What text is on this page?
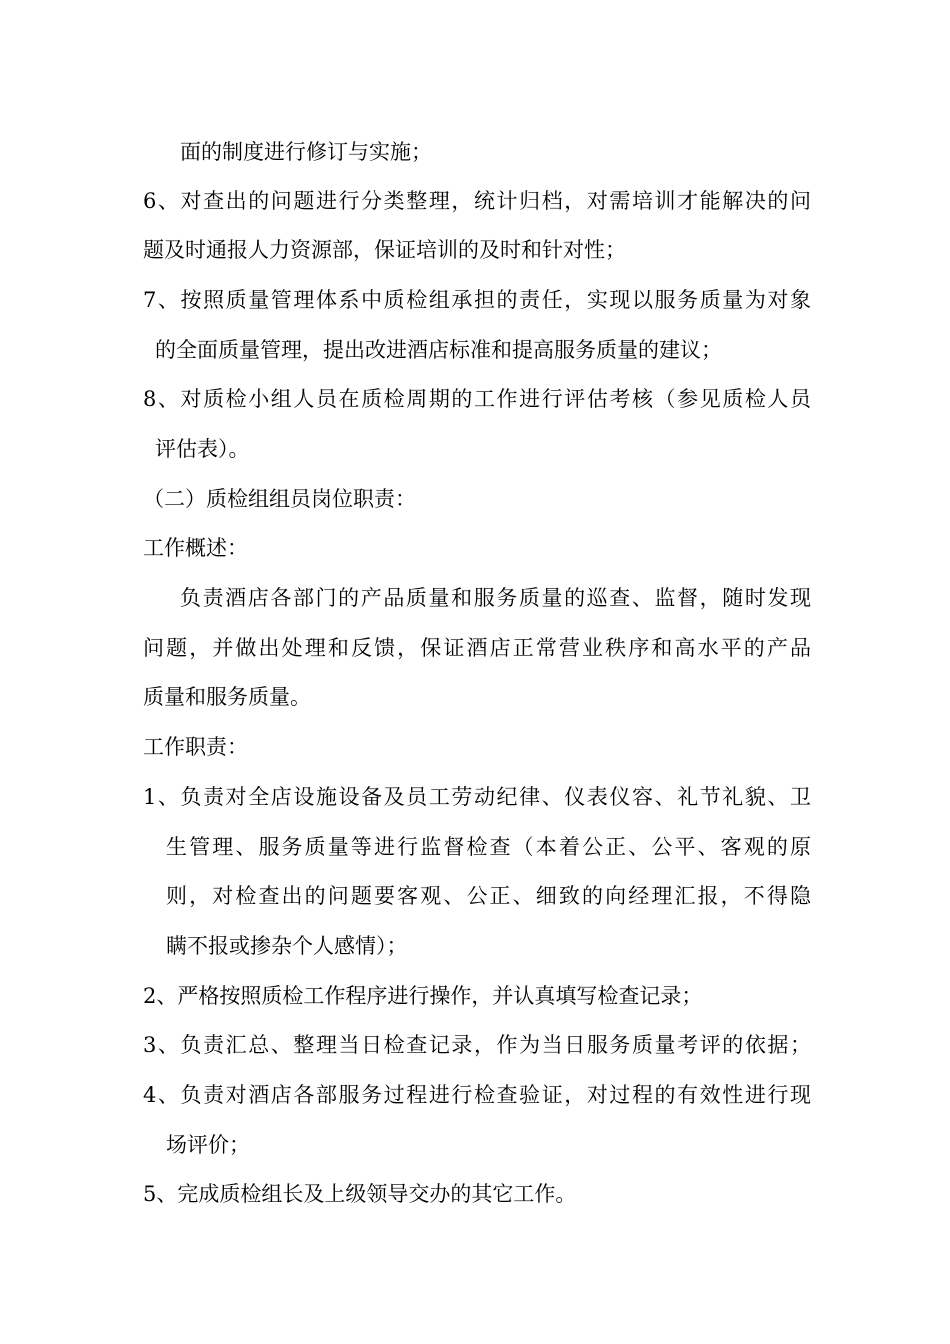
面的制度进行修订与实施；
6、对查出的问题进行分类整理，统计归档，对需培训才能解决的问
题及时通报人力资源部，保证培训的及时和针对性；
7、按照质量管理体系中质检组承担的责任，实现以服务质量为对象
的全面质量管理，提出改进酒店标准和提高服务质量的建议；
8、对质检小组人员在质检周期的工作进行评估考核（参见质检人员
评估表）。
（二）质检组组员岗位职责：
工作概述：
负责酒店各部门的产品质量和服务质量的巡查、监督，随时发现
问题，并做出处理和反馈，保证酒店正常营业秩序和高水平的产品
质量和服务质量。
工作职责：
1、负责对全店设施设备及员工劳动纪律、仪表仪容、礼节礼貌、卫
生管理、服务质量等进行监督检查（本着公正、公平、客观的原
则，对检查出的问题要客观、公正、细致的向经理汇报，不得隐
瞒不报或掺杂个人感情）；
2、严格按照质检工作程序进行操作，并认真填写检查记录；
3、负责汇总、整理当日检查记录，作为当日服务质量考评的依据；
4、负责对酒店各部服务过程进行检查验证，对过程的有效性进行现
场评价；
5、完成质检组长及上级领导交办的其它工作。
